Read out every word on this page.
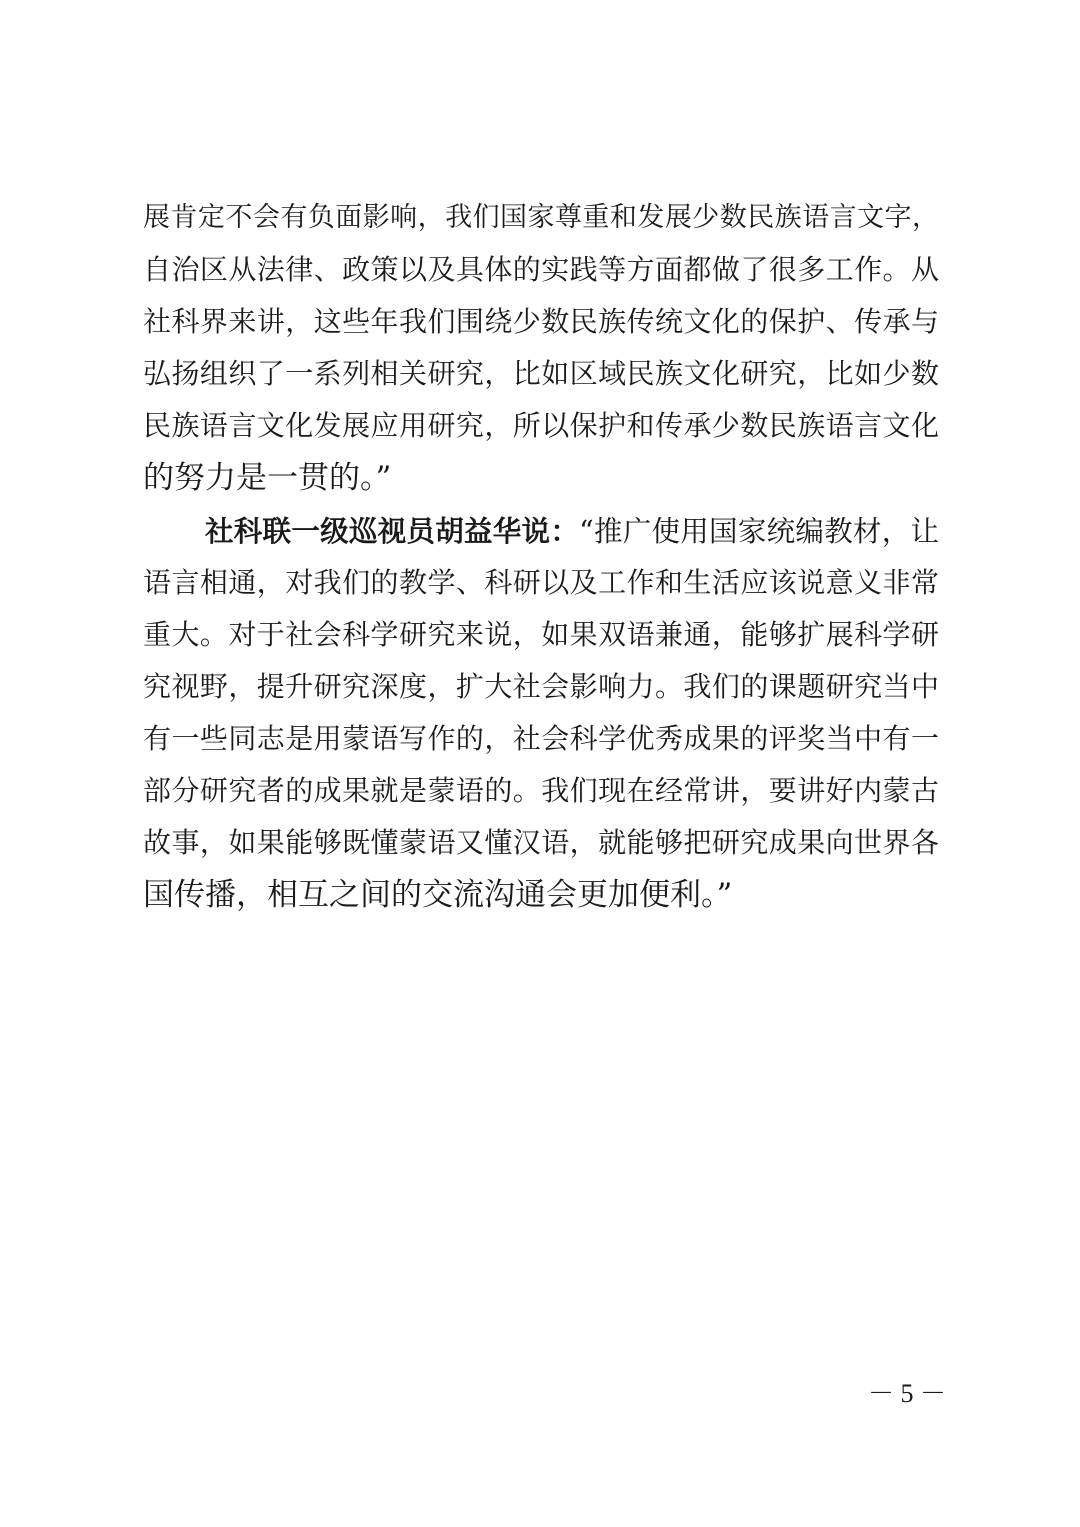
展肯定不会有负面影响，我们国家尊重和发展少数民族语言文字，
自治区从法律、政策以及具体的实践等方面都做了很多工作。从
社科界来讲，这些年我们围绕少数民族传统文化的保护、传承与
弘扬组织了一系列相关研究，比如区域民族文化研究，比如少数
民族语言文化发展应用研究，所以保护和传承少数民族语言文化
的努力是一贯的。”
社科联一级巡视员胡益华说：“推广使用国家统编教材，让
语言相通，对我们的教学、科研以及工作和生活应该说意义非常
重大。对于社会科学研究来说，如果双语兼通，能够扩展科学研
究视野，提升研究深度，扩大社会影响力。我们的课题研究当中
有一些同志是用蒙语写作的，社会科学优秀成果的评奖当中有一
部分研究者的成果就是蒙语的。我们现在经常讲，要讲好内蒙古
故事，如果能够既懂蒙语又懂汉语，就能够把研究成果向世界各
国传播，相互之间的交流沟通会更加便利。”
－ 5 －
